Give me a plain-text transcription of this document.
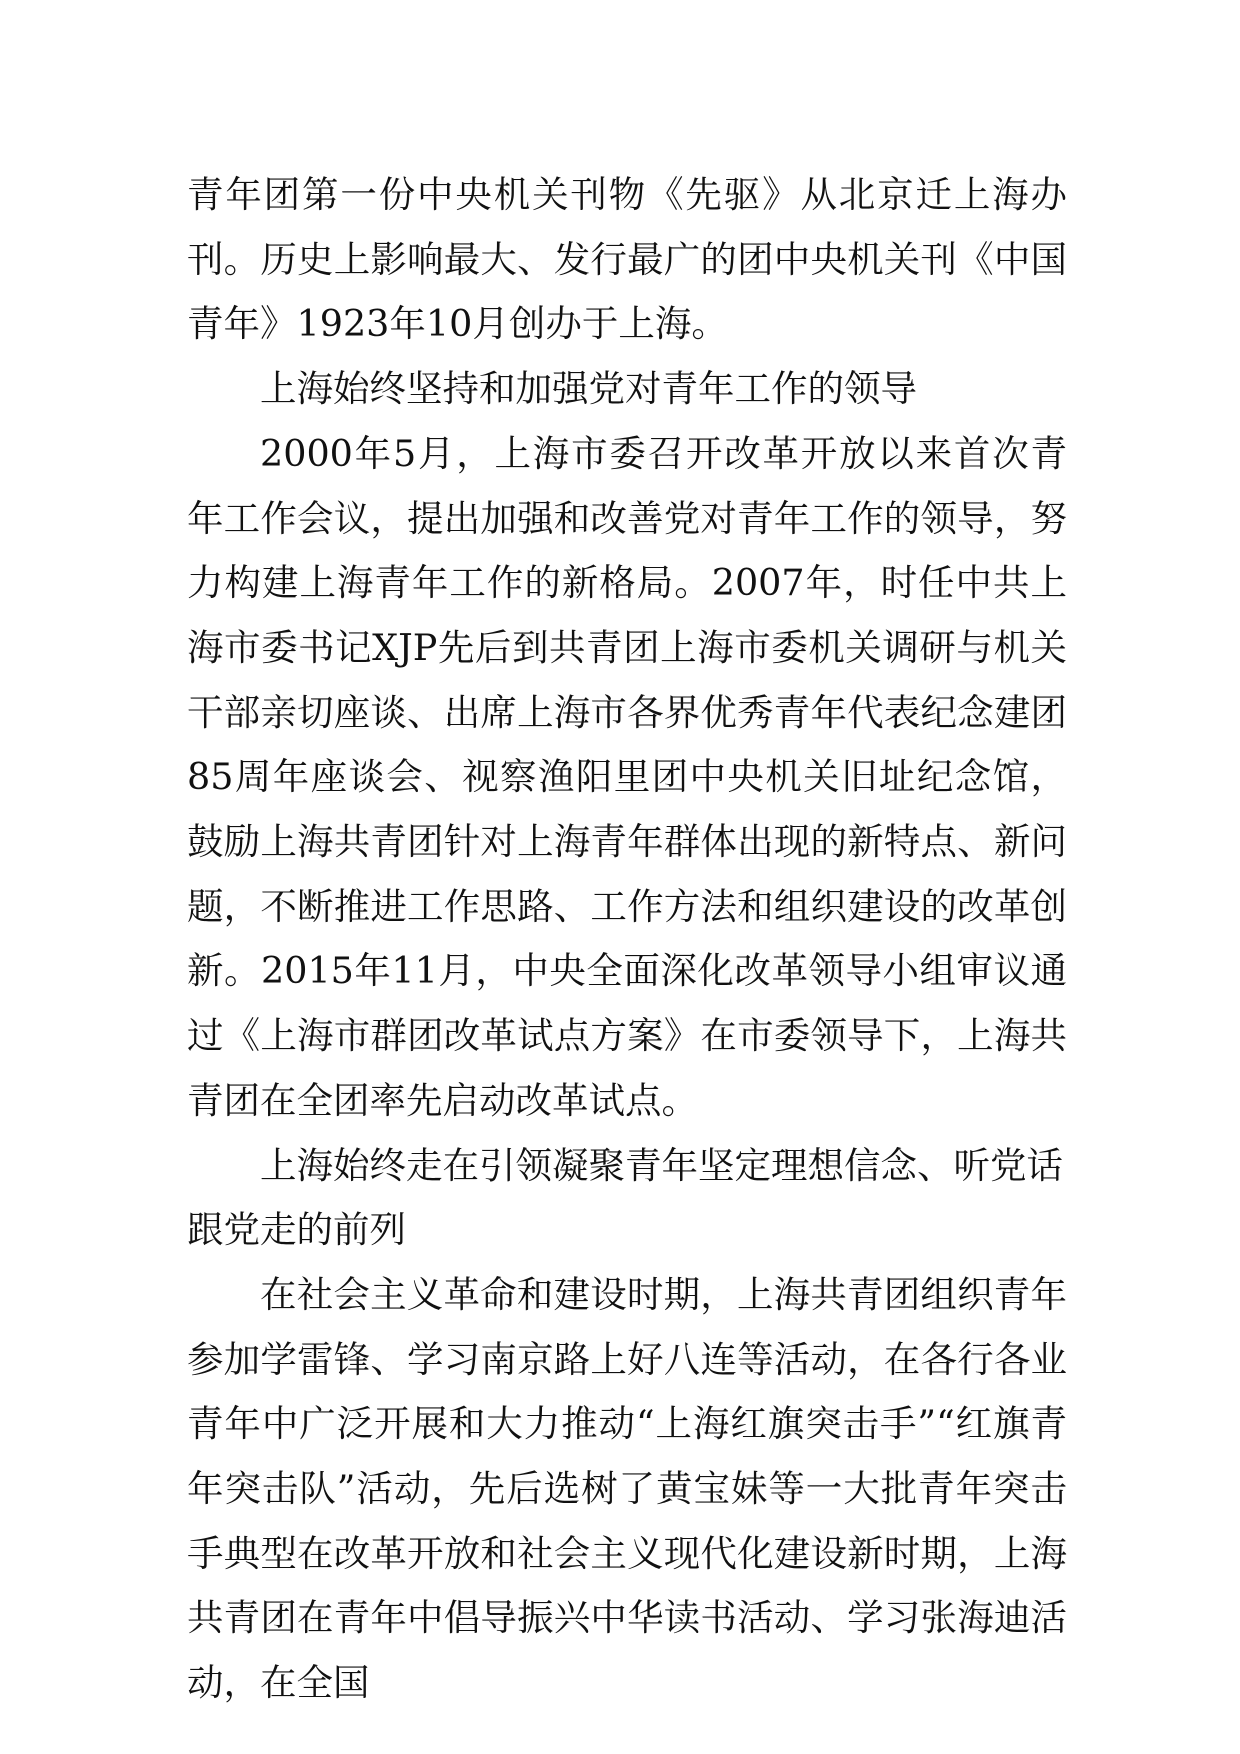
青年团第一份中央机关刊物《先驱》从北京迁上海办刊。历史上影响最大、发行最广的团中央机关刊《中国青年》1923年10月创办于上海。

上海始终坚持和加强党对青年工作的领导

2000年5月，上海市委召开改革开放以来首次青年工作会议，提出加强和改善党对青年工作的领导，努力构建上海青年工作的新格局。2007年，时任中共上海市委书记XJP先后到共青团上海市委机关调研与机关干部亲切座谈、出席上海市各界优秀青年代表纪念建团85周年座谈会、视察渔阳里团中央机关旧址纪念馆，鼓励上海共青团针对上海青年群体出现的新特点、新问题，不断推进工作思路、工作方法和组织建设的改革创新。2015年11月，中央全面深化改革领导小组审议通过《上海市群团改革试点方案》在市委领导下，上海共青团在全团率先启动改革试点。

上海始终走在引领凝聚青年坚定理想信念、听党话跟党走的前列

在社会主义革命和建设时期，上海共青团组织青年参加学雷锋、学习南京路上好八连等活动，在各行各业青年中广泛开展和大力推动“上海红旗突击手”“红旗青年突击队”活动，先后选树了黄宝妹等一大批青年突击手典型在改革开放和社会主义现代化建设新时期，上海共青团在青年中倡导振兴中华读书活动、学习张海迪活动，在全国
